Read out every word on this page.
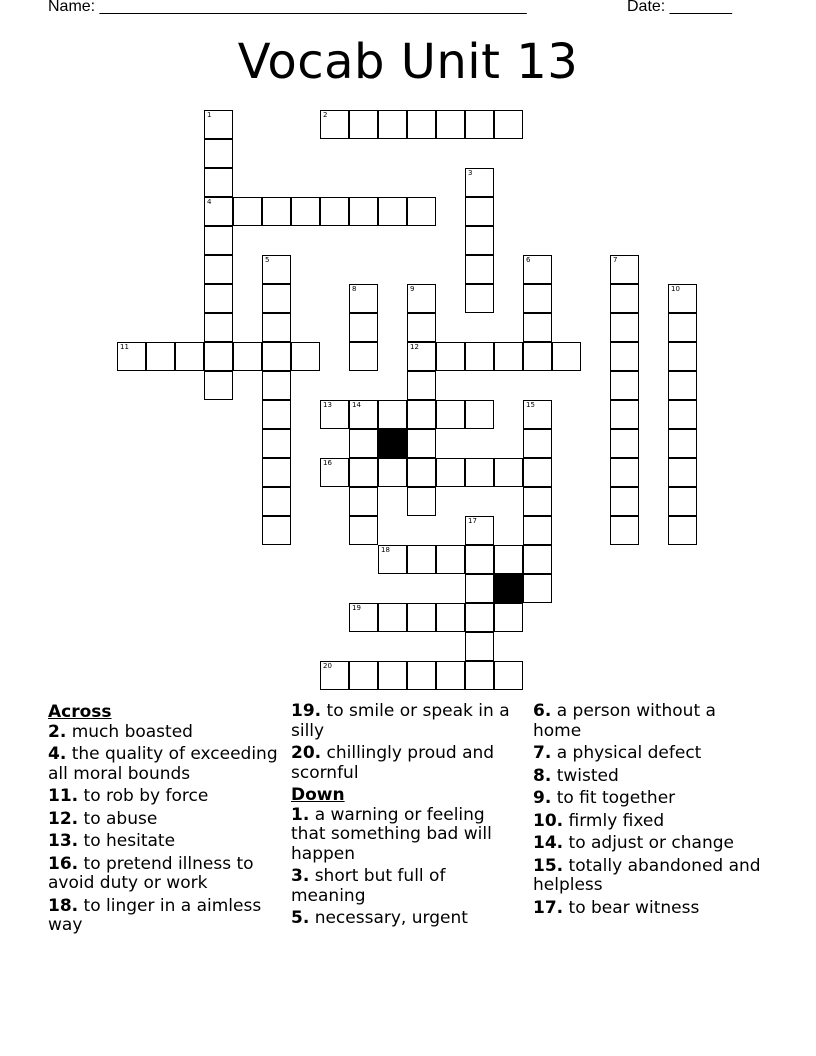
Name: ________________________________________________	Date: _______
Vocab Unit 13
1
4
2
3
5	6	7
8	9
12
10
11
13	14	15
16
17
18
19
20
Across
2. much boasted
4. the quality of exceeding all moral bounds
11. to rob by force
12. to abuse
13. to hesitate
16. to pretend illness to avoid duty or work
18. to linger in a aimless way
19. to smile or speak in a silly
20. chillingly proud and scornful
Down
1. a warning or feeling that something bad will happen
3. short but full of meaning
5. necessary, urgent
6. a person without a home
7. a physical defect
8. twisted
9. to fit together
10. firmly fixed
14. to adjust or change
15. totally abandoned and helpless
17. to bear witness
